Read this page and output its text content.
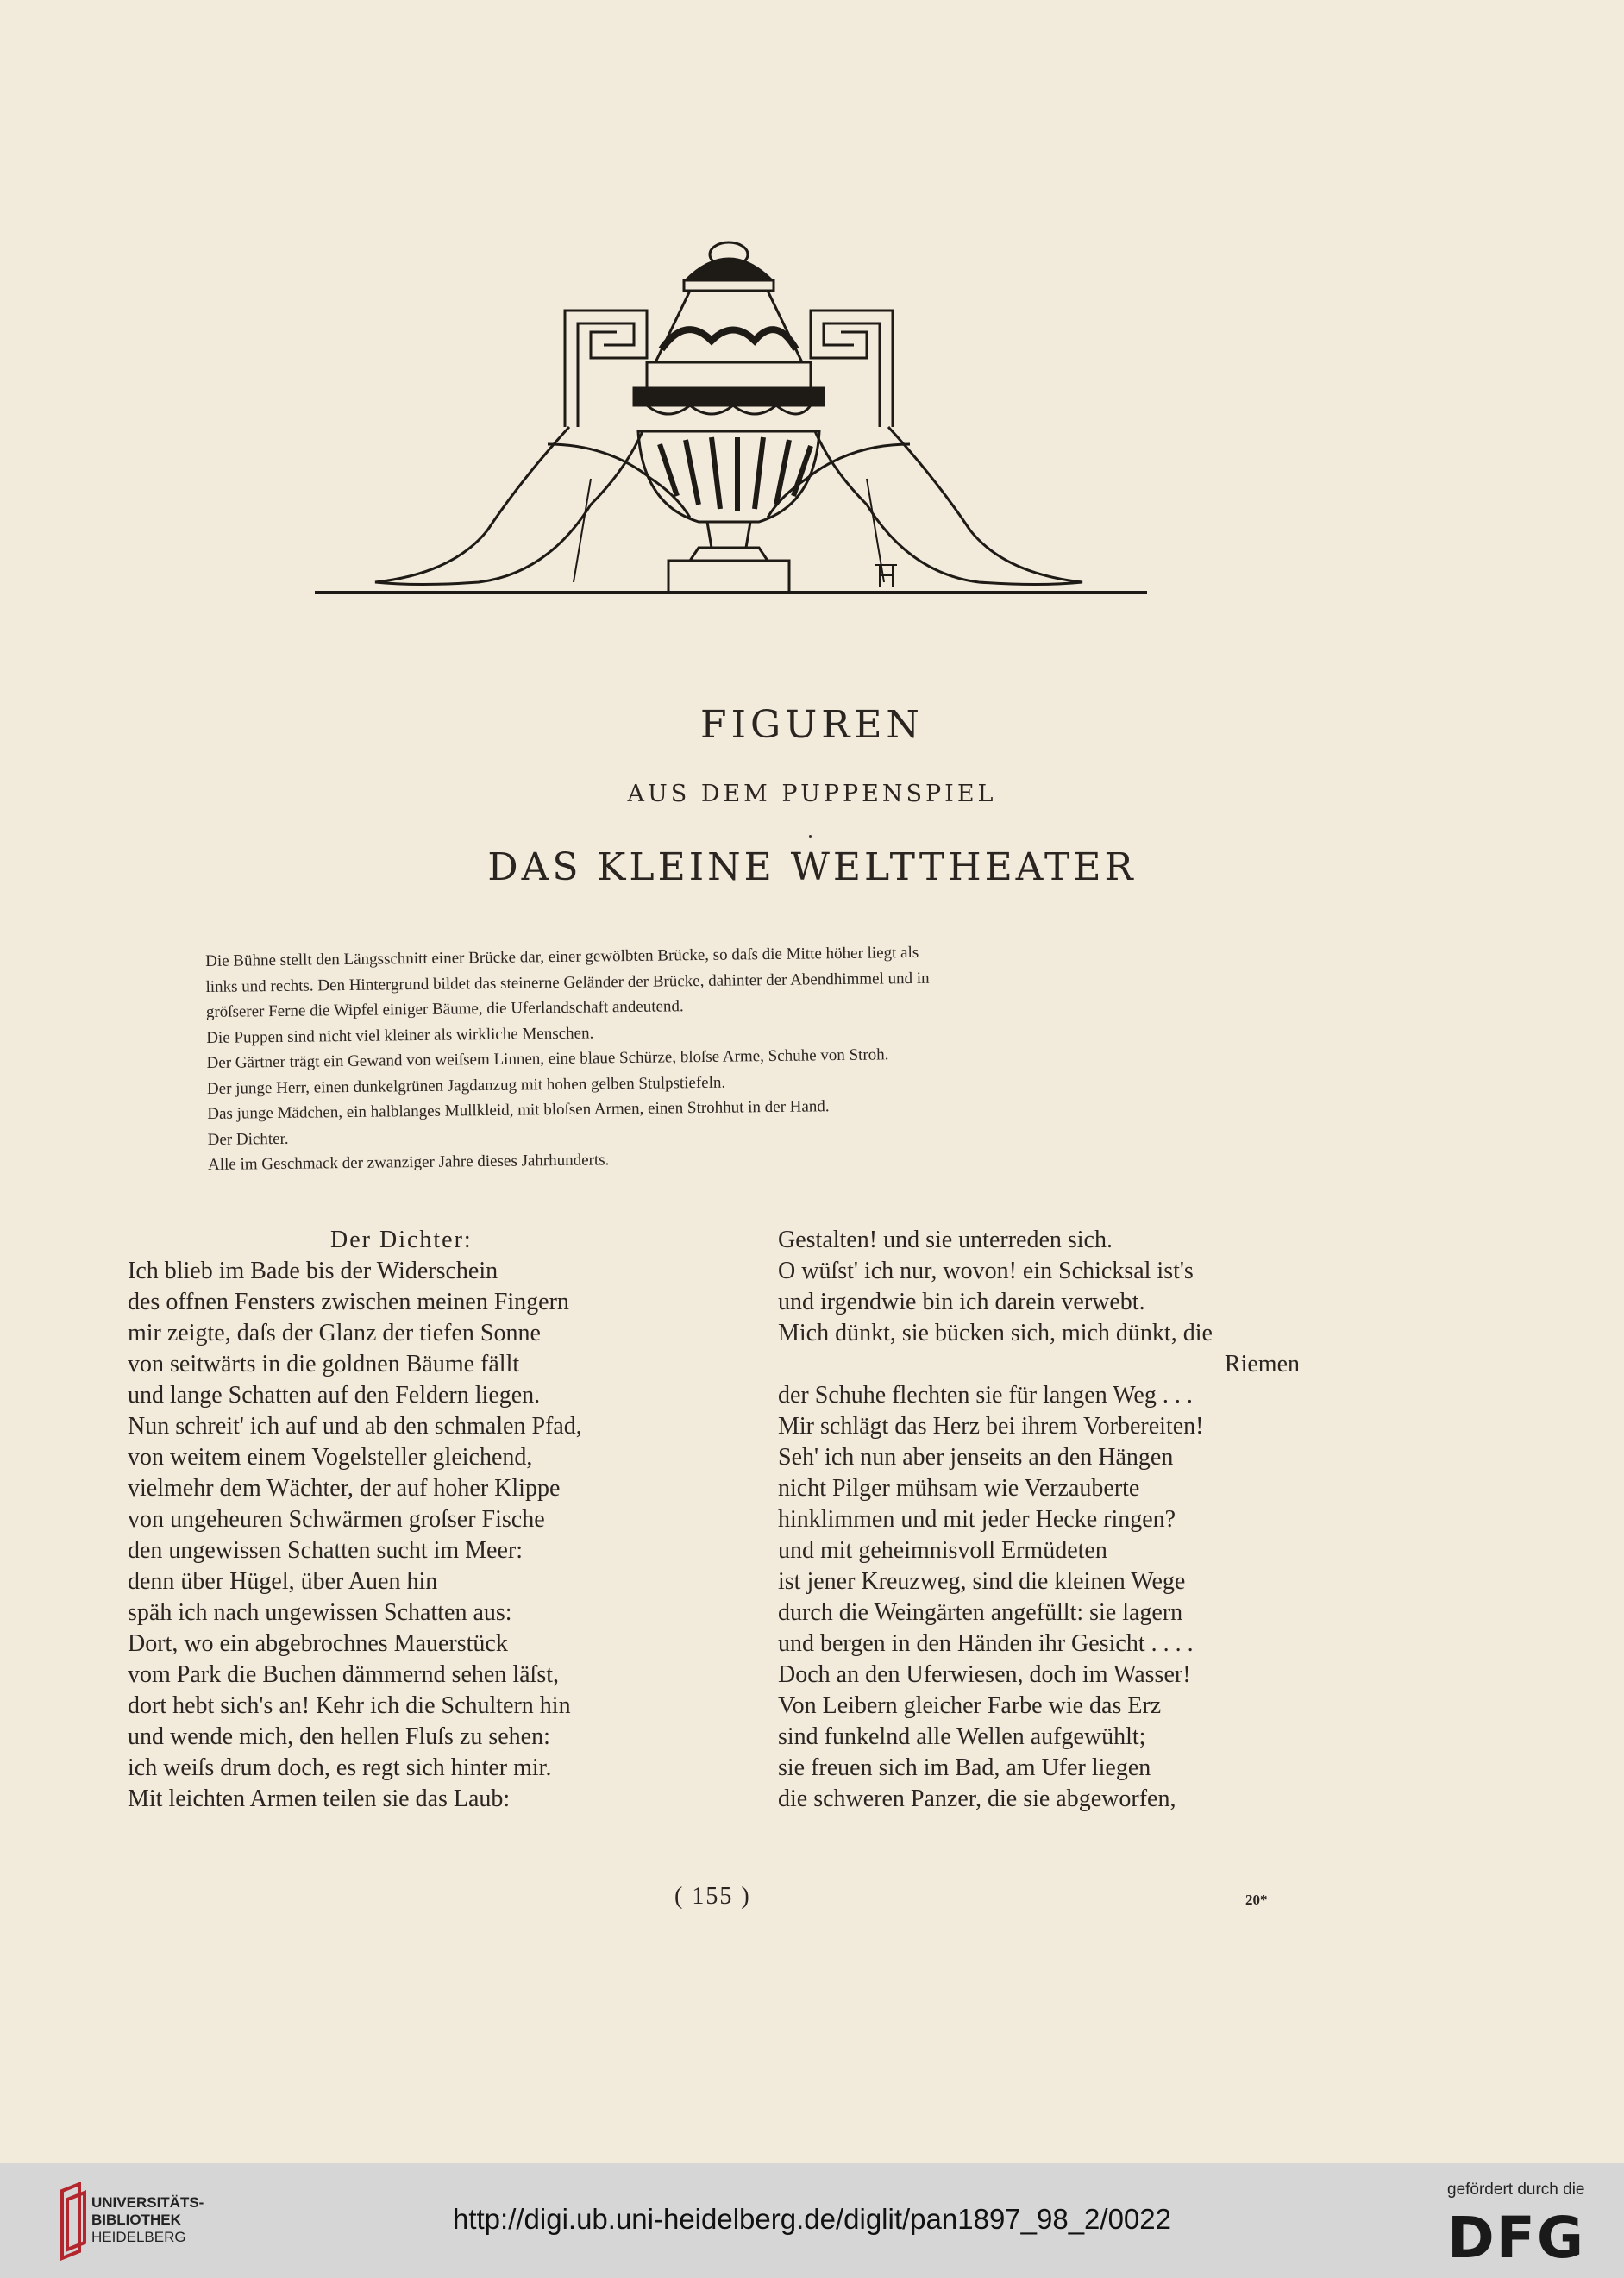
FIGUREN
AUS DEM PUPPENSPIEL
DAS KLEINE WELTTHEATER
Die Bühne stellt den Längsschnitt einer Brücke dar, einer gewölbten Brücke, so daſs die Mitte höher liegt als
links und rechts. Den Hintergrund bildet das steinerne Geländer der Brücke, dahinter der Abendhimmel und in
gröſserer Ferne die Wipfel einiger Bäume, die Uferlandschaft andeutend.
Die Puppen sind nicht viel kleiner als wirkliche Menschen.
Der Gärtner trägt ein Gewand von weiſsem Linnen, eine blaue Schürze, bloſse Arme, Schuhe von Stroh.
Der junge Herr, einen dunkelgrünen Jagdanzug mit hohen gelben Stulpstiefeln.
Das junge Mädchen, ein halblanges Mullkleid, mit bloſsen Armen, einen Strohhut in der Hand.
Der Dichter.
Alle im Geschmack der zwanziger Jahre dieses Jahrhunderts.
Der Dichter:
Ich blieb im Bade bis der Widerschein
des offnen Fensters zwischen meinen Fingern
mir zeigte, daſs der Glanz der tiefen Sonne
von seitwärts in die goldnen Bäume fällt
und lange Schatten auf den Feldern liegen.
Nun schreit' ich auf und ab den schmalen Pfad,
von weitem einem Vogelsteller gleichend,
vielmehr dem Wächter, der auf hoher Klippe
von ungeheuren Schwärmen groſser Fische
den ungewissen Schatten sucht im Meer:
denn über Hügel, über Auen hin
späh ich nach ungewissen Schatten aus:
Dort, wo ein abgebrochnes Mauerstück
vom Park die Buchen dämmernd sehen läſst,
dort hebt sich's an! Kehr ich die Schultern hin
und wende mich, den hellen Fluſs zu sehen:
ich weiſs drum doch, es regt sich hinter mir.
Mit leichten Armen teilen sie das Laub:
Gestalten! und sie unterreden sich.
O wüſst' ich nur, wovon! ein Schicksal ist's
und irgendwie bin ich darein verwebt.
Mich dünkt, sie bücken sich, mich dünkt, die
Riemen
der Schuhe flechten sie für langen Weg . . .
Mir schlägt das Herz bei ihrem Vorbereiten!
Seh' ich nun aber jenseits an den Hängen
nicht Pilger mühsam wie Verzauberte
hinklimmen und mit jeder Hecke ringen?
und mit geheimnisvoll Ermüdeten
ist jener Kreuzweg, sind die kleinen Wege
durch die Weingärten angefüllt: sie lagern
und bergen in den Händen ihr Gesicht . . . .
Doch an den Uferwiesen, doch im Wasser!
Von Leibern gleicher Farbe wie das Erz
sind funkelnd alle Wellen aufgewühlt;
sie freuen sich im Bad, am Ufer liegen
die schweren Panzer, die sie abgeworfen,
( 155 )	20*
UNIVERSITÄTS-
BIBLIOTHEK
HEIDELBERG
http://digi.ub.uni-heidelberg.de/diglit/pan1897_98_2/0022
gefördert durch die
DFG
